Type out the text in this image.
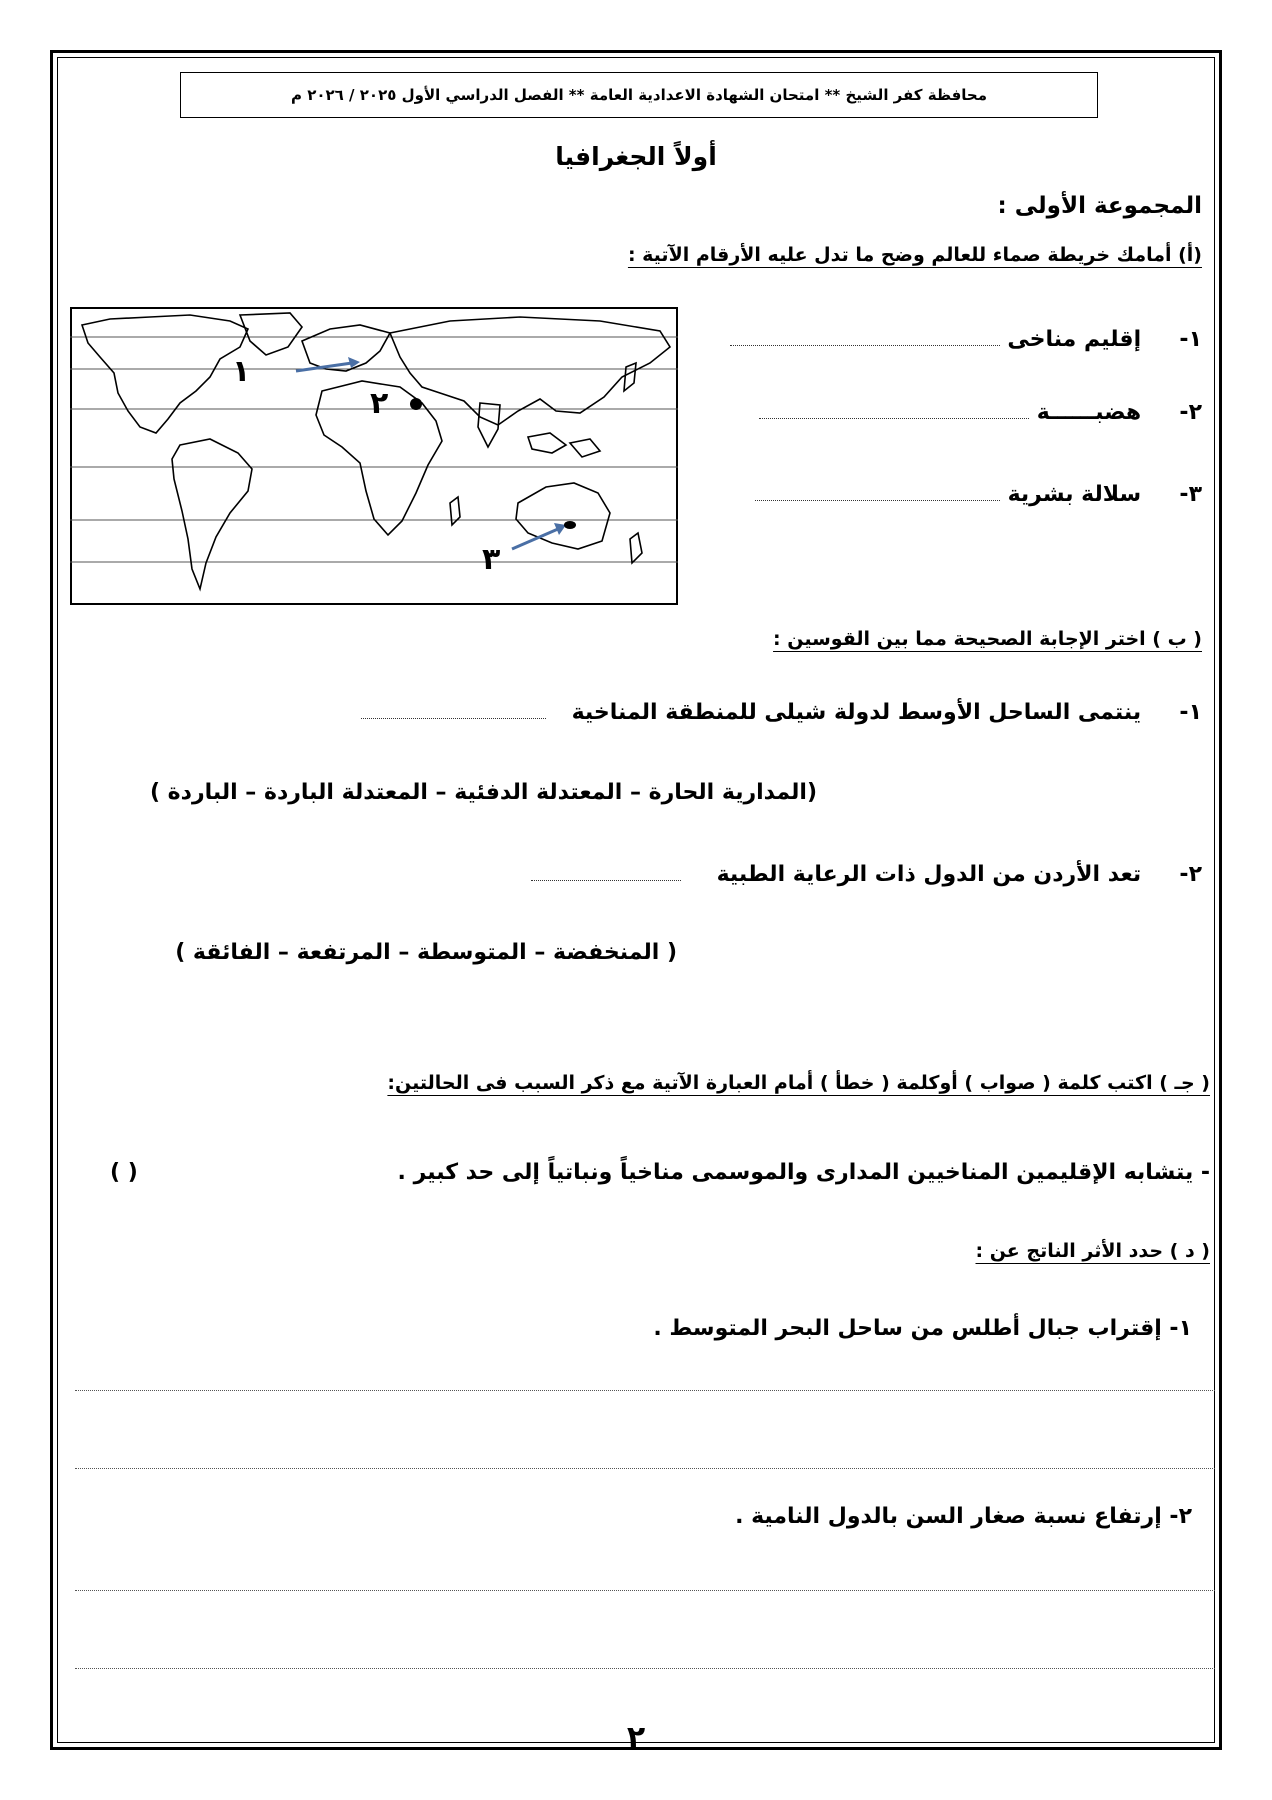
محافظة كفر الشيخ ** امتحان الشهادة الاعدادية العامة ** الفصل الدراسي الأول ٢٠٢٥ / ٢٠٢٦ م
أولاً الجغرافيا
المجموعة الأولى :
(أ) أمامك خريطة صماء للعالم وضح ما تدل عليه الأرقام الآتية :
١-     إقليم مناخى
٢-     هضبــــــة
٣-     سلالة بشرية
١
٢
٣
( ب ) اختر الإجابة الصحيحة مما بين القوسين :
١-     ينتمى الساحل الأوسط لدولة شيلى للمنطقة المناخية
(المدارية الحارة – المعتدلة الدفئية – المعتدلة الباردة – الباردة )
٢-     تعد الأردن من الدول ذات الرعاية الطبية
( المنخفضة – المتوسطة – المرتفعة – الفائقة )
( جـ ) اكتب كلمة ( صواب ) أوكلمة ( خطأ ) أمام العبارة الآتية مع ذكر السبب فى الحالتين:
- يتشابه الإقليمين المناخيين المدارى والموسمى مناخياً ونباتياً إلى حد كبير .
( )
( د ) حدد الأثر الناتج عن :
١- إقتراب جبال أطلس من ساحل البحر المتوسط .
٢- إرتفاع نسبة صغار السن بالدول النامية .
٢
